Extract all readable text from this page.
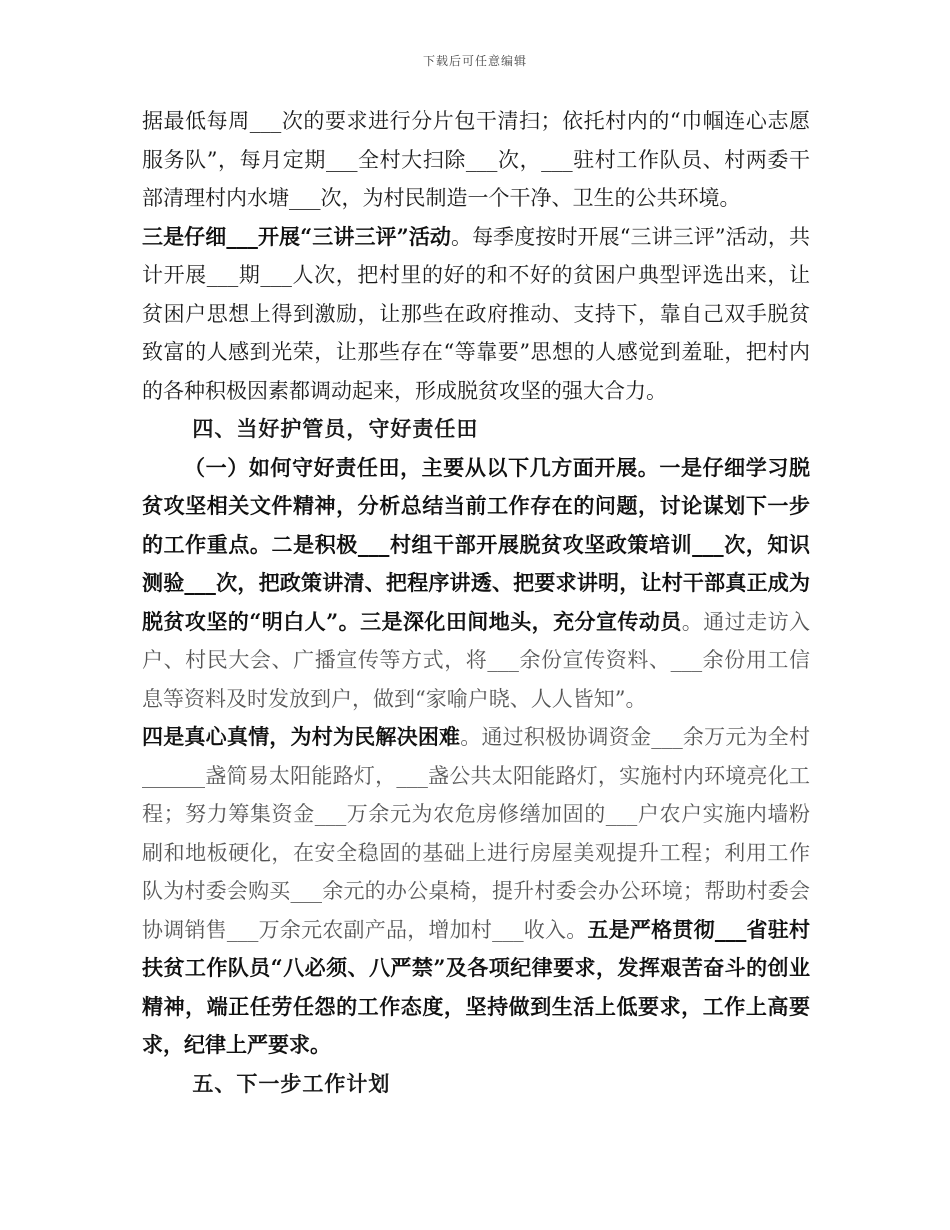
下载后可任意编辑

据最低每周___次的要求进行分片包干清扫；依托村内的“巾帼连心志愿服务队”，每月定期___全村大扫除___次，___驻村工作队员、村两委干部清理村内水塘___次，为村民制造一个干净、卫生的公共环境。

三是仔细___开展“三讲三评”活动。每季度按时开展“三讲三评”活动，共计开展___期___人次，把村里的好的和不好的贫困户典型评选出来，让贫困户思想上得到激励，让那些在政府推动、支持下，靠自己双手脱贫致富的人感到光荣，让那些存在“等靠要”思想的人感觉到羞耻，把村内的各种积极因素都调动起来，形成脱贫攻坚的强大合力。

四、当好护管员，守好责任田

（一）如何守好责任田，主要从以下几方面开展。一是仔细学习脱贫攻坚相关文件精神，分析总结当前工作存在的问题，讨论谋划下一步的工作重点。二是积极___村组干部开展脱贫攻坚政策培训___次，知识测验___次，把政策讲清、把程序讲透、把要求讲明，让村干部真正成为脱贫攻坚的“明白人”。三是深化田间地头，充分宣传动员。通过走访入户、村民大会、广播宣传等方式，将___余份宣传资料、___余份用工信息等资料及时发放到户，做到“家喻户晓、人人皆知”。

四是真心真情，为村为民解决困难。通过积极协调资金___余万元为全村______盏简易太阳能路灯，___盏公共太阳能路灯，实施村内环境亮化工程；努力筹集资金___万余元为农危房修缮加固的___户农户实施内墙粉刷和地板硬化，在安全稳固的基础上进行房屋美观提升工程；利用工作队为村委会购买___余元的办公桌椅，提升村委会办公环境；帮助村委会协调销售___万余元农副产品，增加村___收入。五是严格贯彻___省驻村扶贫工作队员“八必须、八严禁”及各项纪律要求，发挥艰苦奋斗的创业精神，端正任劳任怨的工作态度，坚持做到生活上低要求，工作上高要求，纪律上严要求。

五、下一步工作计划
